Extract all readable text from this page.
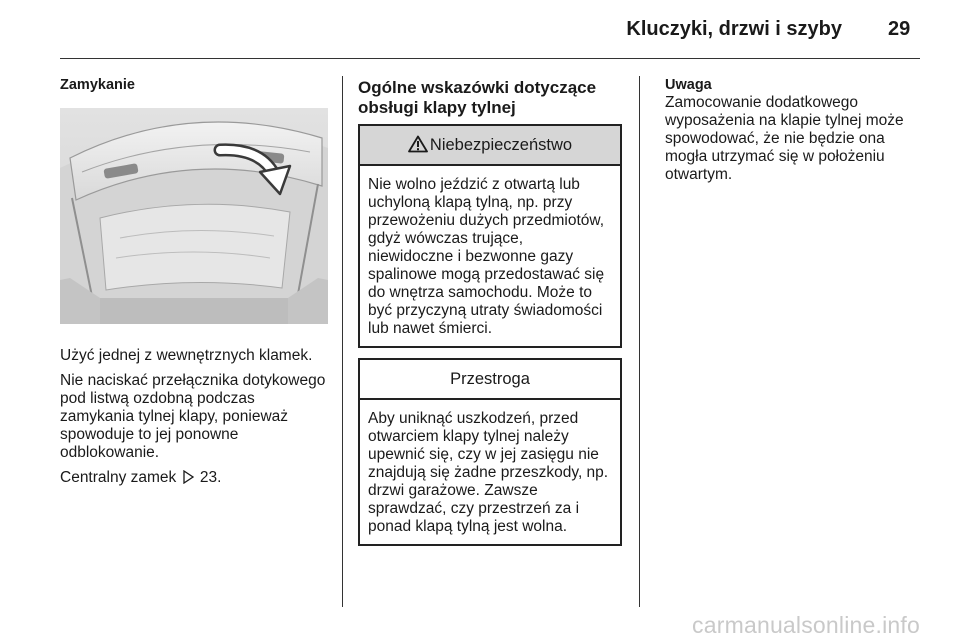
Kluczyki, drzwi i szyby 29
Zamykanie

Użyć jednej z wewnętrznych klamek.

Nie naciskać przełącznika dotykowego pod listwą ozdobną podczas zamykania tylnej klapy, ponieważ spowoduje to jej ponowne odblokowanie.

Centralny zamek 23.

Ogólne wskazówki dotyczące obsługi klapy tylnej
Niebezpieczeństwo
Nie wolno jeździć z otwartą lub uchyloną klapą tylną, np. przy przewożeniu dużych przedmiotów, gdyż wówczas trujące, niewidoczne i bezwonne gazy spalinowe mogą przedostawać się do wnętrza samochodu. Może to być przyczyną utraty świadomości lub nawet śmierci.
Przestroga
Aby uniknąć uszkodzeń, przed otwarciem klapy tylnej należy upewnić się, czy w jej zasięgu nie znajdują się żadne przeszkody, np. drzwi garażowe. Zawsze sprawdzać, czy przestrzeń za i ponad klapą tylną jest wolna.
Uwaga
Zamocowanie dodatkowego wyposażenia na klapie tylnej może spowodować, że nie będzie ona mogła utrzymać się w położeniu otwartym.
carmanualsonline.info
